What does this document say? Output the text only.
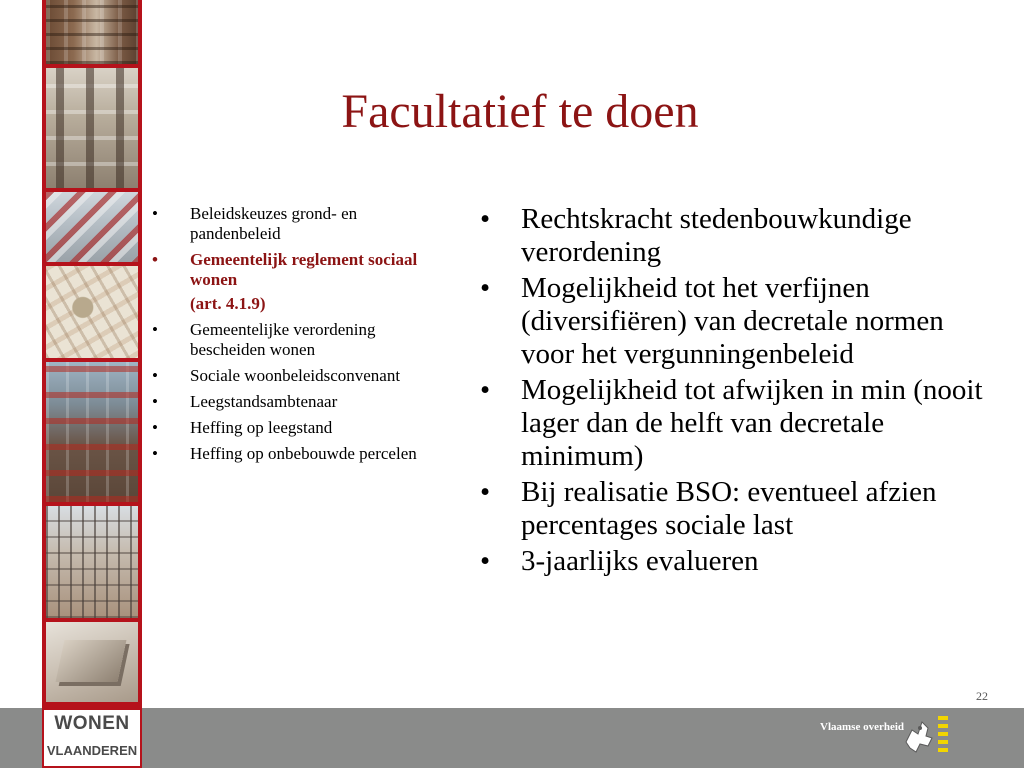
Facultatief te doen
• Beleidskeuzes grond- en pandenbeleid
• Gemeentelijk reglement sociaal wonen
(art. 4.1.9)
• Gemeentelijke verordening bescheiden wonen
• Sociale woonbeleidsconvenant
• Leegstandsambtenaar
• Heffing op leegstand
• Heffing op onbebouwde percelen
• Rechtskracht stedenbouwkundige verordening
• Mogelijkheid tot het verfijnen (diversifiëren) van decretale normen voor het vergunningenbeleid
• Mogelijkheid tot afwijken in min (nooit lager dan de helft van decretale minimum)
• Bij realisatie BSO: eventueel afzien percentages sociale last
• 3-jaarlijks evalueren
22
WONEN
VLAANDEREN
Vlaamse overheid
